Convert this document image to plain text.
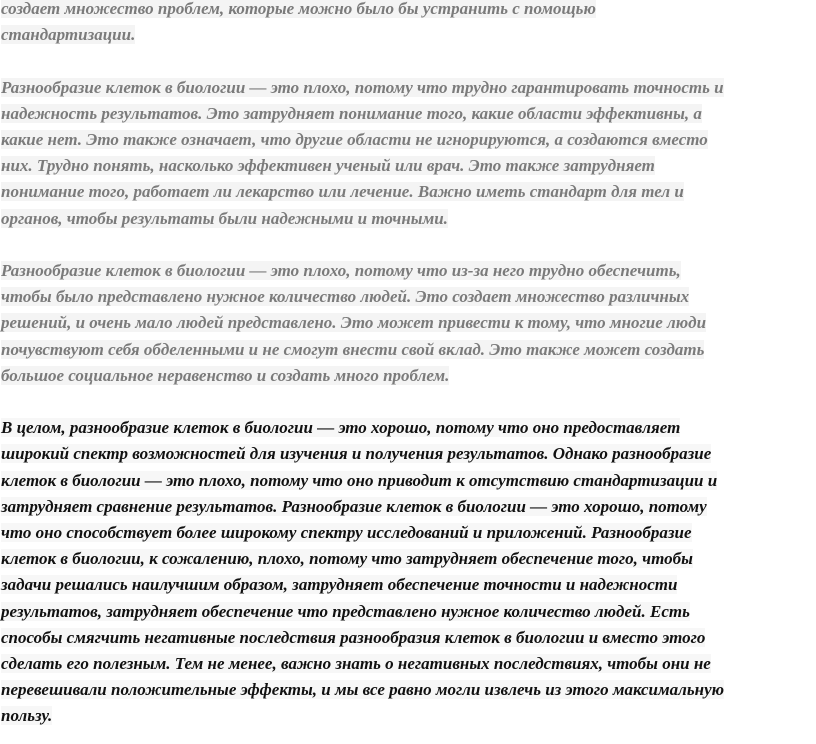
создает множество проблем, которые можно было бы устранить с помощью
стандартизации.
Разнообразие клеток в биологии — это плохо, потому что трудно гарантировать точность и
надежность результатов. Это затрудняет понимание того, какие области эффективны, а
какие нет. Это также означает, что другие области не игнорируются, а создаются вместо
них. Трудно понять, насколько эффективен ученый или врач. Это также затрудняет
понимание того, работает ли лекарство или лечение. Важно иметь стандарт для тел и
органов, чтобы результаты были надежными и точными.
Разнообразие клеток в биологии — это плохо, потому что из-за него трудно обеспечить,
чтобы было представлено нужное количество людей. Это создает множество различных
решений, и очень мало людей представлено. Это может привести к тому, что многие люди
почувствуют себя обделенными и не смогут внести свой вклад. Это также может создать
большое социальное неравенство и создать много проблем.
В целом, разнообразие клеток в биологии — это хорошо, потому что оно предоставляет
широкий спектр возможностей для изучения и получения результатов. Однако разнообразие
клеток в биологии — это плохо, потому что оно приводит к отсутствию стандартизации и
затрудняет сравнение результатов. Разнообразие клеток в биологии — это хорошо, потому
что оно способствует более широкому спектру исследований и приложений. Разнообразие
клеток в биологии, к сожалению, плохо, потому что затрудняет обеспечение того, чтобы
задачи решались наилучшим образом, затрудняет обеспечение точности и надежности
результатов, затрудняет обеспечение что представлено нужное количество людей. Есть
способы смягчить негативные последствия разнообразия клеток в биологии и вместо этого
сделать его полезным. Тем не менее, важно знать о негативных последствиях, чтобы они не
перевешивали положительные эффекты, и мы все равно могли извлечь из этого максимальную
пользу.
